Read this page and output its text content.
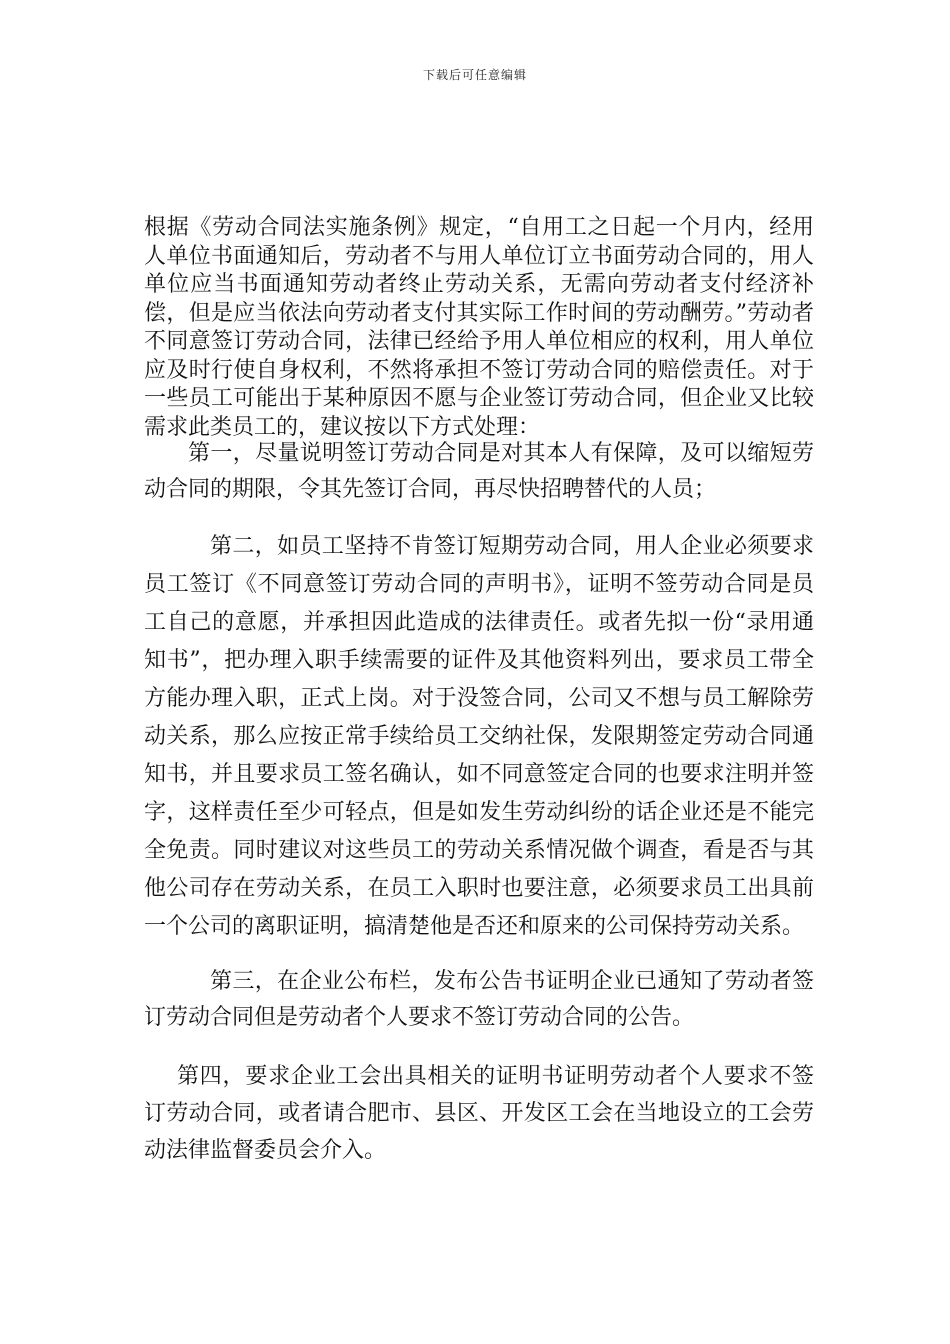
下载后可任意编辑

根据《劳动合同法实施条例》规定，“自用工之日起一个月内，经用人单位书面通知后，劳动者不与用人单位订立书面劳动合同的，用人单位应当书面通知劳动者终止劳动关系，无需向劳动者支付经济补偿，但是应当依法向劳动者支付其实际工作时间的劳动酬劳。”劳动者不同意签订劳动合同，法律已经给予用人单位相应的权利，用人单位应及时行使自身权利，不然将承担不签订劳动合同的赔偿责任。对于一些员工可能出于某种原因不愿与企业签订劳动合同，但企业又比较需求此类员工的，建议按以下方式处理：

第一，尽量说明签订劳动合同是对其本人有保障，及可以缩短劳动合同的期限，令其先签订合同，再尽快招聘替代的人员；

第二，如员工坚持不肯签订短期劳动合同，用人企业必须要求员工签订《不同意签订劳动合同的声明书》，证明不签劳动合同是员工自己的意愿，并承担因此造成的法律责任。或者先拟一份“录用通知书”，把办理入职手续需要的证件及其他资料列出，要求员工带全方能办理入职，正式上岗。对于没签合同，公司又不想与员工解除劳动关系，那么应按正常手续给员工交纳社保，发限期签定劳动合同通知书，并且要求员工签名确认，如不同意签定合同的也要求注明并签字，这样责任至少可轻点，但是如发生劳动纠纷的话企业还是不能完全免责。同时建议对这些员工的劳动关系情况做个调查，看是否与其他公司存在劳动关系，在员工入职时也要注意，必须要求员工出具前一个公司的离职证明，搞清楚他是否还和原来的公司保持劳动关系。

第三，在企业公布栏，发布公告书证明企业已通知了劳动者签订劳动合同但是劳动者个人要求不签订劳动合同的公告。

第四，要求企业工会出具相关的证明书证明劳动者个人要求不签订劳动合同，或者请合肥市、县区、开发区工会在当地设立的工会劳动法律监督委员会介入。
